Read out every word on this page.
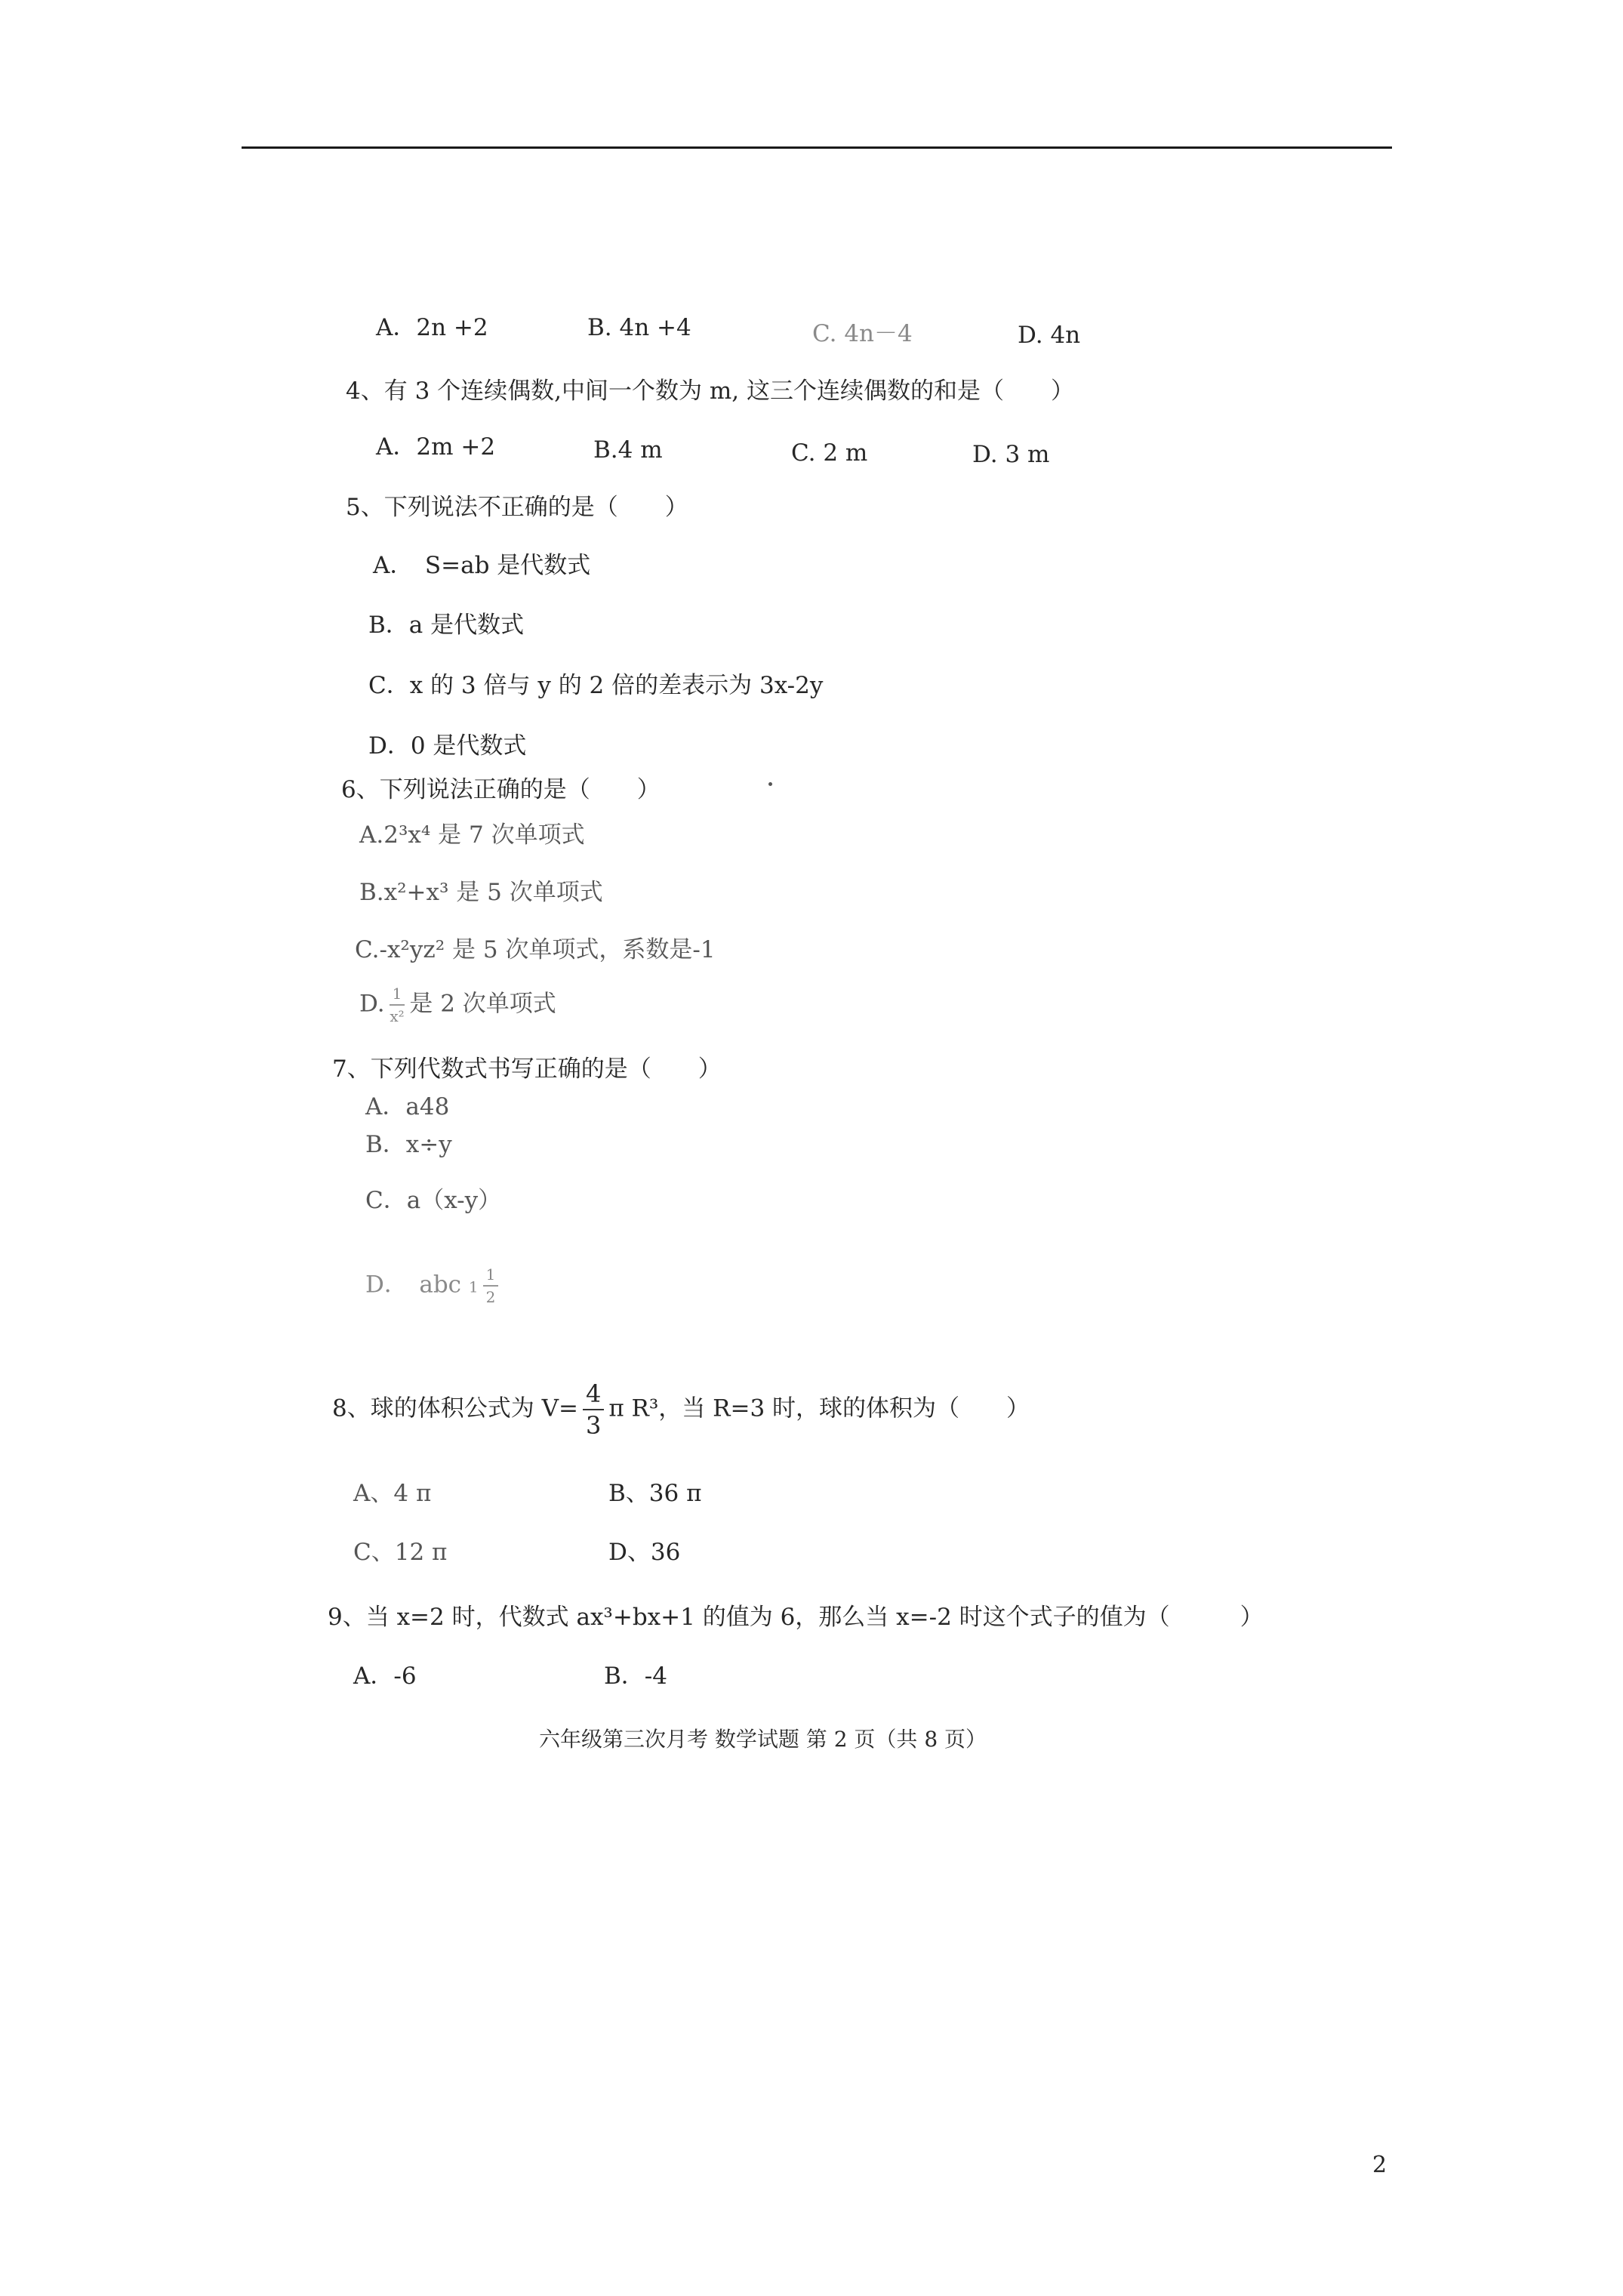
A．2n +2	B. 4n +4	C. 4n－4	D. 4n
4、有 3 个连续偶数,中间一个数为 m, 这三个连续偶数的和是（　　）
A．2m +2	B.4 m	C. 2 m	D. 3 m
5、下列说法不正确的是（　　）
A．　S=ab 是代数式
B．a 是代数式
C．x 的 3 倍与 y 的 2 倍的差表示为 3x-2y
D．0 是代数式
6、下列说法正确的是（　　）
A.2³x⁴ 是 7 次单项式
B.x²+x³ 是 5 次单项式
C.-x²yz² 是 5 次单项式，系数是-1
D. $\frac{1}{\text{x²}}$ 是 2 次单项式
7、下列代数式书写正确的是（　　）
A．a48
B．x÷y
C．a（x-y）
D．　abc $1 \frac{1}{2}$
8、球的体积公式为 $V= \frac{4}{3}$ π R³，当 R=3 时，球的体积为（　　）
A、4 π	B、36 π
C、12 π	D、36
9、当 x=2 时，代数式 ax³+bx+1 的值为 6，那么当 x=-2 时这个式子的值为（　　　）
A．-6	B．-4
六年级第三次月考 数学试题 第 2 页（共 8 页）
2
